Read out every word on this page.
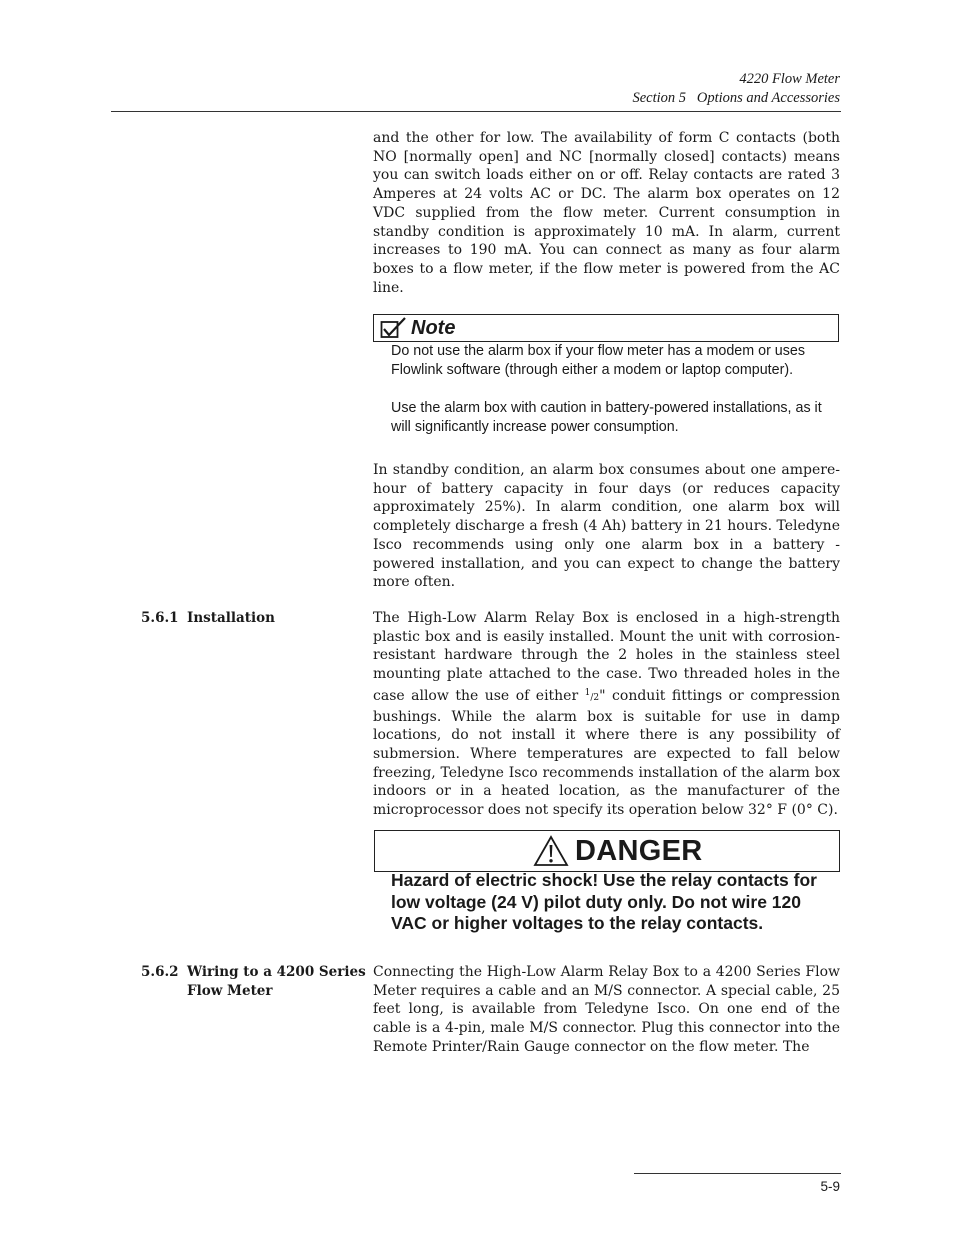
4220 Flow Meter
Section 5   Options and Accessories

and the other for low. The availability of form C contacts (both NO [normally open] and NC [normally closed] contacts) means you can switch loads either on or off. Relay contacts are rated 3 Amperes at 24 volts AC or DC. The alarm box operates on 12 VDC supplied from the flow meter. Current consumption in standby condition is approximately 10 mA. In alarm, current increases to 190 mA. You can connect as many as four alarm boxes to a flow meter, if the flow meter is powered from the AC line.

Note

Do not use the alarm box if your flow meter has a modem or uses Flowlink software (through either a modem or laptop computer).

Use the alarm box with caution in battery-powered installations, as it will significantly increase power consumption.

In standby condition, an alarm box consumes about one ampere-hour of battery capacity in four days (or reduces capacity approximately 25%). In alarm condition, one alarm box will completely discharge a fresh (4 Ah) battery in 21 hours. Teledyne Isco recommends using only one alarm box in a battery - powered installation, and you can expect to change the battery more often.

5.6.1 Installation	The High-Low Alarm Relay Box is enclosed in a high-strength plastic box and is easily installed. Mount the unit with corrosion-resistant hardware through the 2 holes in the stainless steel mounting plate attached to the case. Two threaded holes in the case allow the use of either $^1$/2" conduit fittings or compression bushings. While the alarm box is suitable for use in damp locations, do not install it where there is any possibility of submersion. Where temperatures are expected to fall below freezing, Teledyne Isco recommends installation of the alarm box indoors or in a heated location, as the manufacturer of the microprocessor does not specify its operation below 32° F (0° C).

DANGER

Hazard of electric shock! Use the relay contacts for low voltage (24 V) pilot duty only. Do not wire 120 VAC or higher voltages to the relay contacts.

5.6.2 Wiring to a 4200 Series
Flow Meter

Connecting the High-Low Alarm Relay Box to a 4200 Series Flow Meter requires a cable and an M/S connector. A special cable, 25 feet long, is available from Teledyne Isco. On one end of the cable is a 4-pin, male M/S connector. Plug this connector into the Remote Printer/Rain Gauge connector on the flow meter. The

5-9
